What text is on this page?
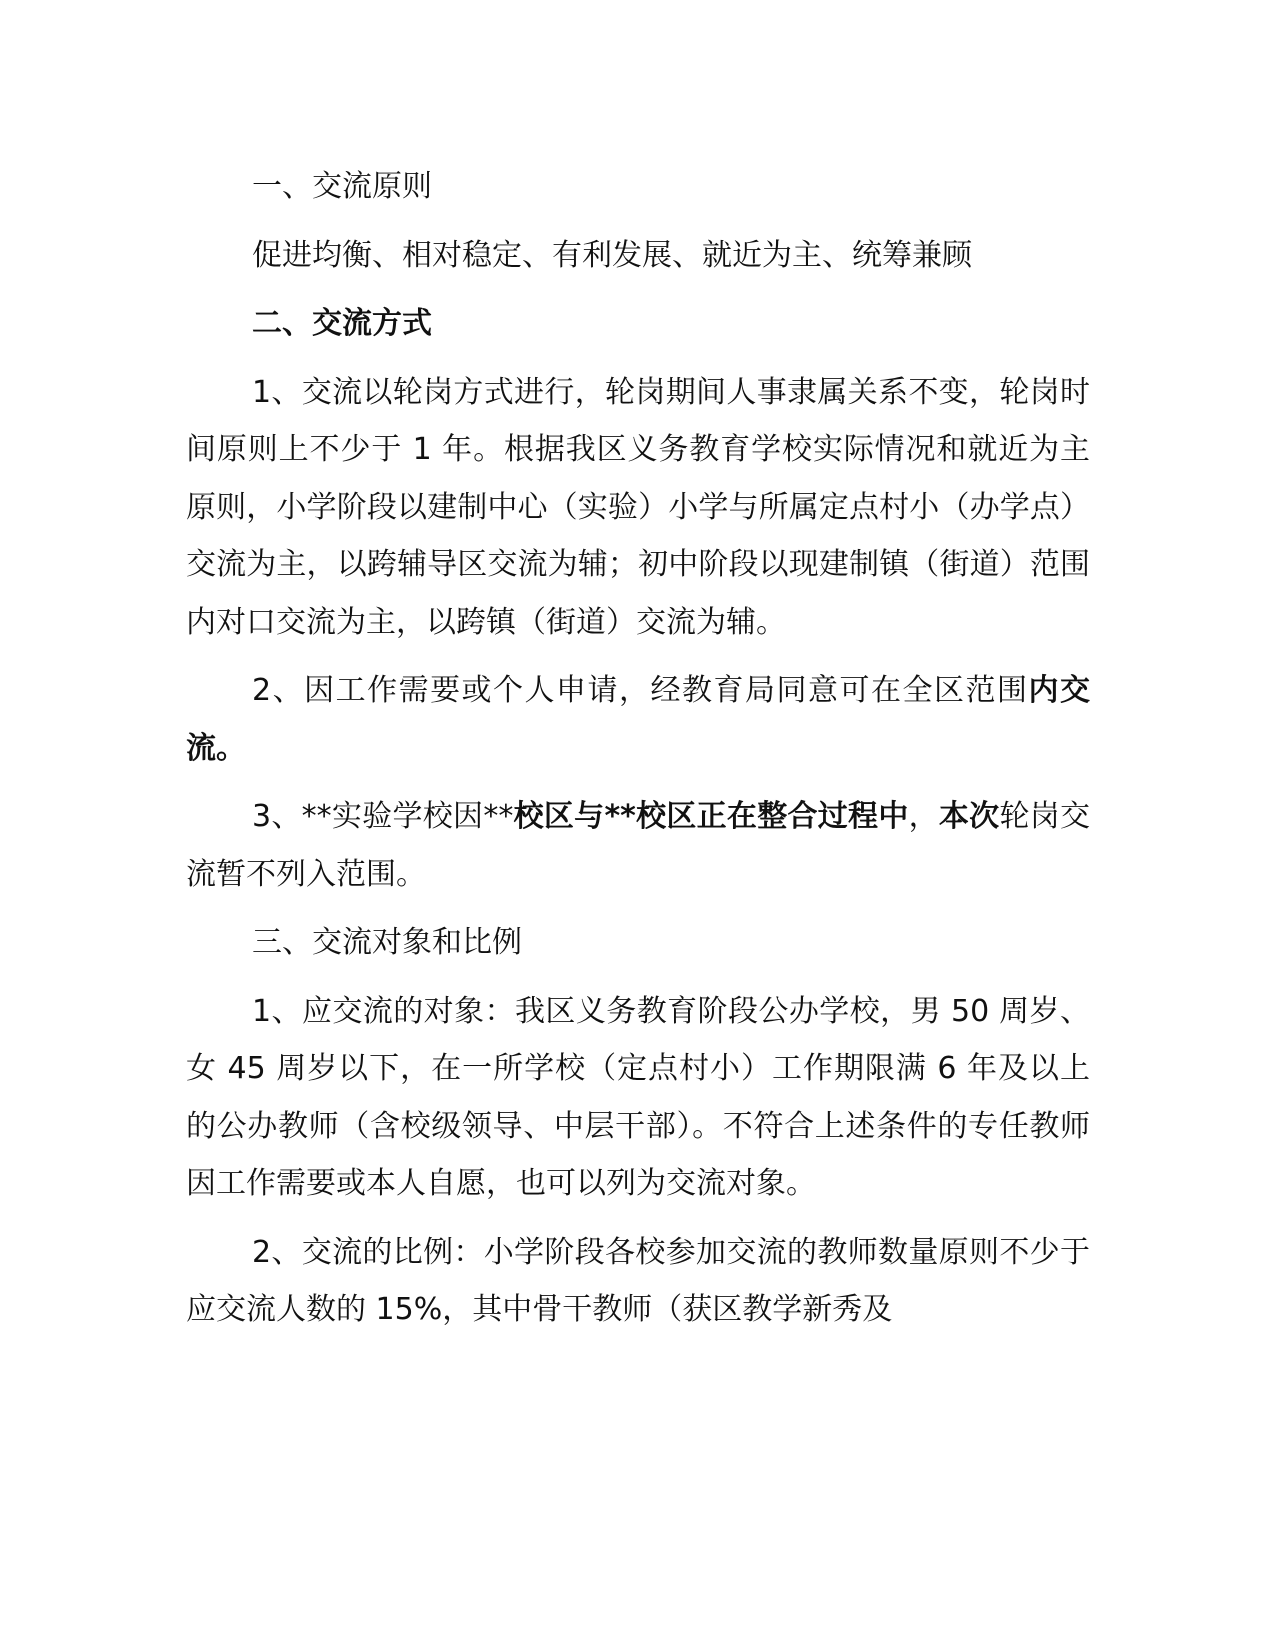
一、交流原则

促进均衡、相对稳定、有利发展、就近为主、统筹兼顾

二、交流方式

1、交流以轮岗方式进行，轮岗期间人事隶属关系不变，轮岗时间原则上不少于 1 年。根据我区义务教育学校实际情况和就近为主原则，小学阶段以建制中心（实验）小学与所属定点村小（办学点）交流为主，以跨辅导区交流为辅；初中阶段以现建制镇（街道）范围内对口交流为主，以跨镇（街道）交流为辅。

2、因工作需要或个人申请，经教育局同意可在全区范围内交流。

3、**实验学校因**校区与**校区正在整合过程中，本次轮岗交流暂不列入范围。

三、交流对象和比例

1、应交流的对象：我区义务教育阶段公办学校，男 50 周岁、女 45 周岁以下，在一所学校（定点村小）工作期限满 6 年及以上的公办教师（含校级领导、中层干部）。不符合上述条件的专任教师因工作需要或本人自愿，也可以列为交流对象。

2、交流的比例：小学阶段各校参加交流的教师数量原则不少于应交流人数的 15%，其中骨干教师（获区教学新秀及
